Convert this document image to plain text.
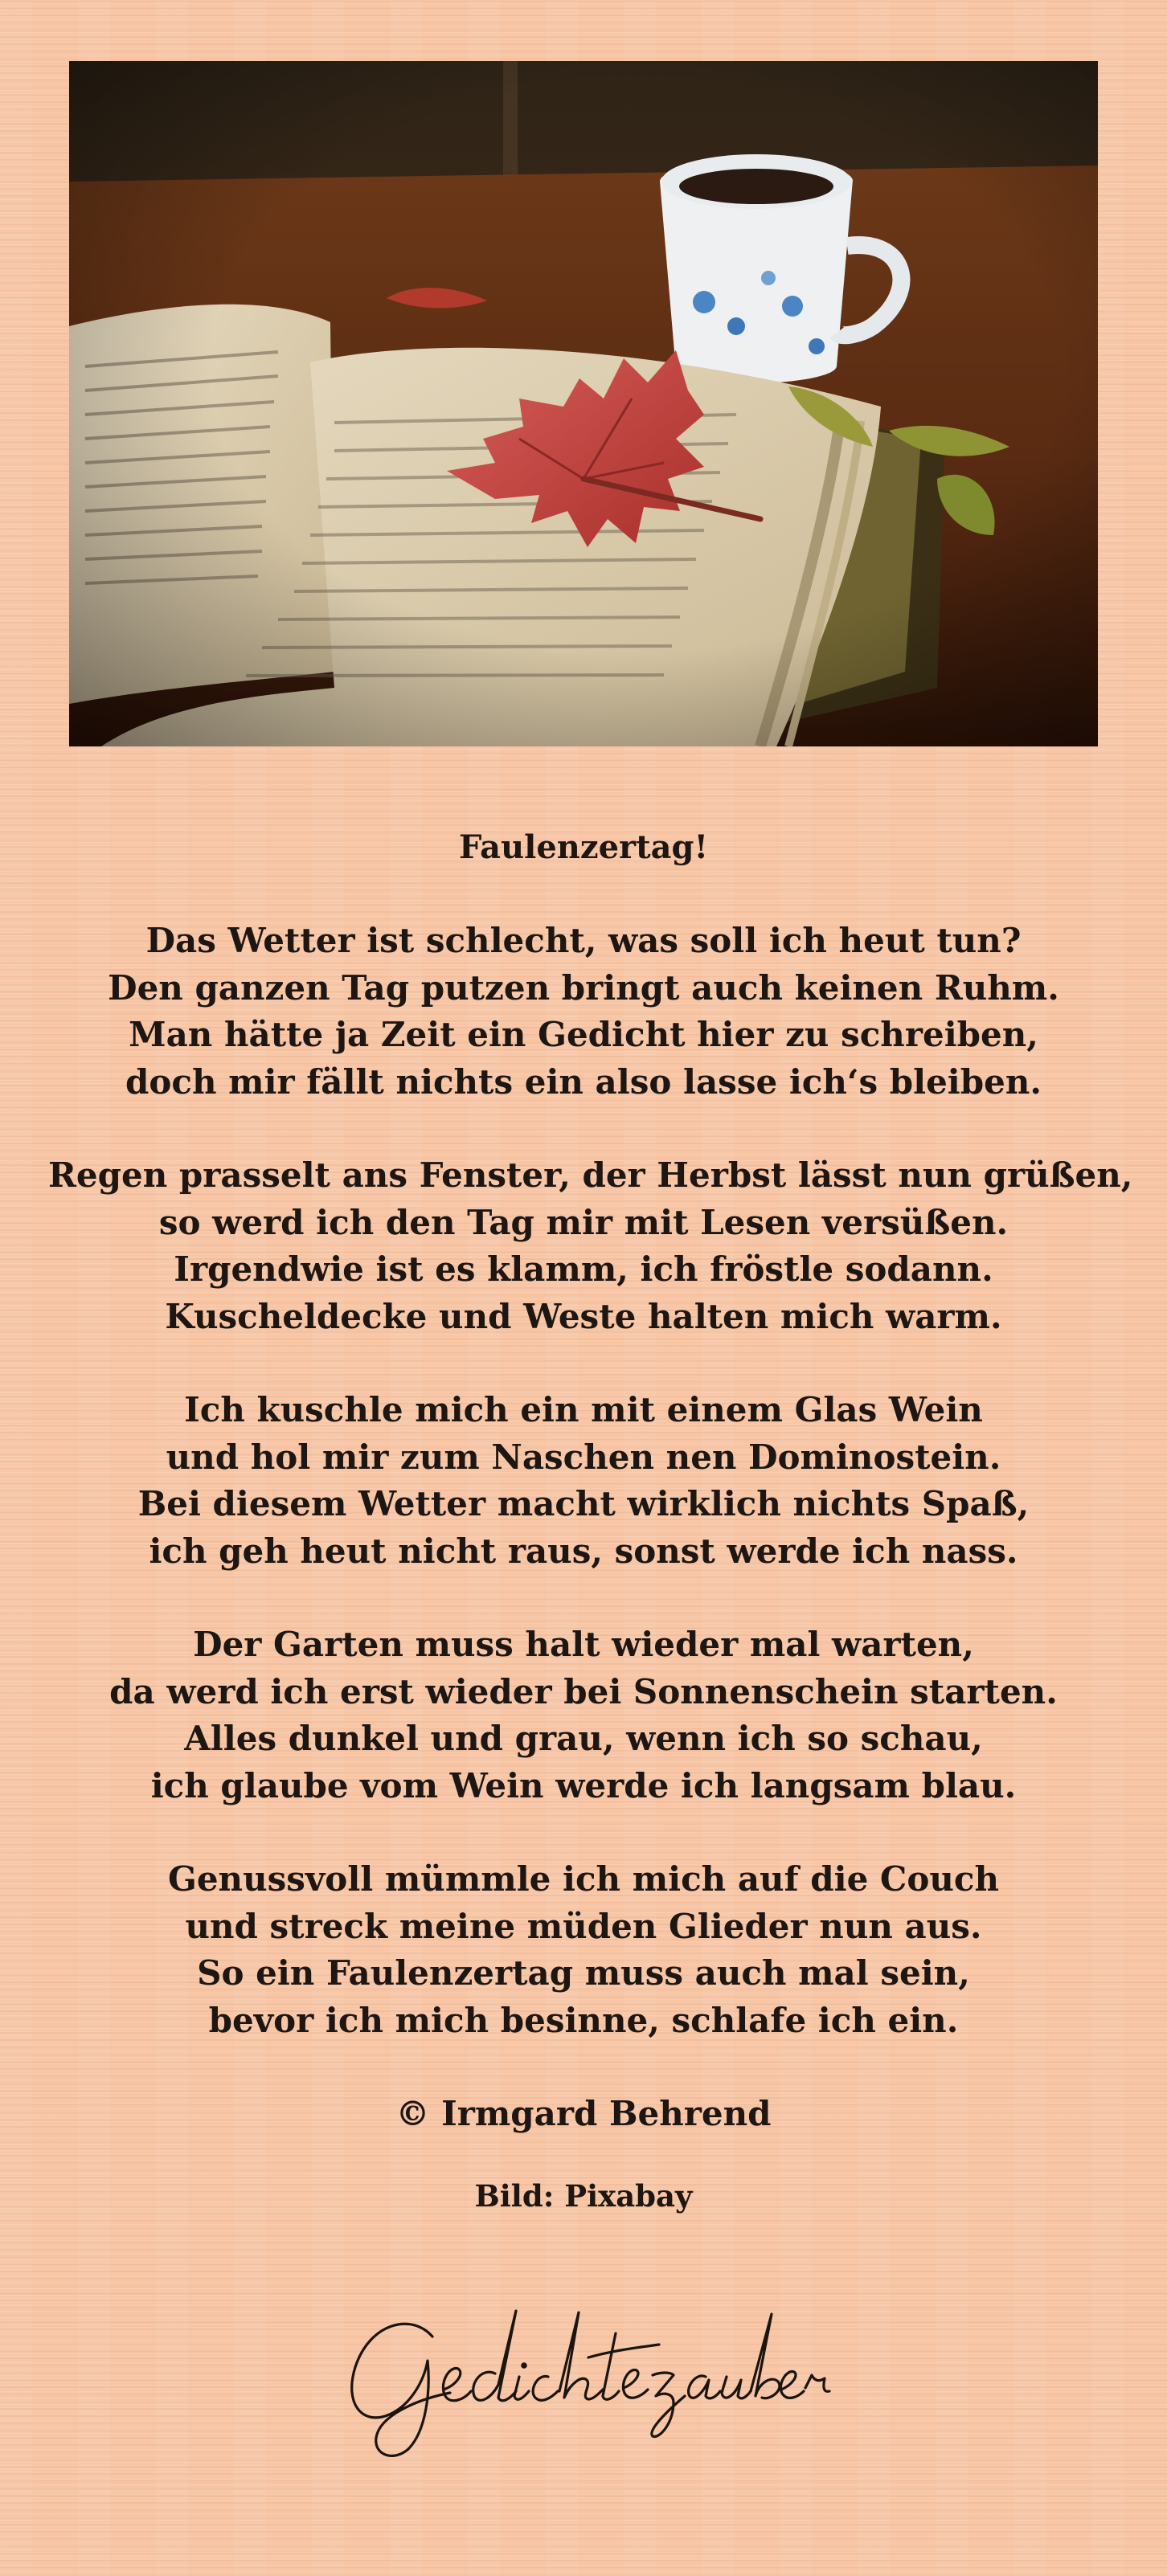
Faulenzertag!
Das Wetter ist schlecht, was soll ich heut tun?
Den ganzen Tag putzen bringt auch keinen Ruhm.
Man hätte ja Zeit ein Gedicht hier zu schreiben,
doch mir fällt nichts ein also lasse ich‘s bleiben.
Regen prasselt ans Fenster, der Herbst lässt nun grüßen,
so werd ich den Tag mir mit Lesen versüßen.
Irgendwie ist es klamm, ich fröstle sodann.
Kuscheldecke und Weste halten mich warm.
Ich kuschle mich ein mit einem Glas Wein
und hol mir zum Naschen nen Dominostein.
Bei diesem Wetter macht wirklich nichts Spaß,
ich geh heut nicht raus, sonst werde ich nass.
Der Garten muss halt wieder mal warten,
da werd ich erst wieder bei Sonnenschein starten.
Alles dunkel und grau, wenn ich so schau,
ich glaube vom Wein werde ich langsam blau.
Genussvoll mümmle ich mich auf die Couch
und streck meine müden Glieder nun aus.
So ein Faulenzertag muss auch mal sein,
bevor ich mich besinne, schlafe ich ein.
© Irmgard Behrend
Bild: Pixabay
